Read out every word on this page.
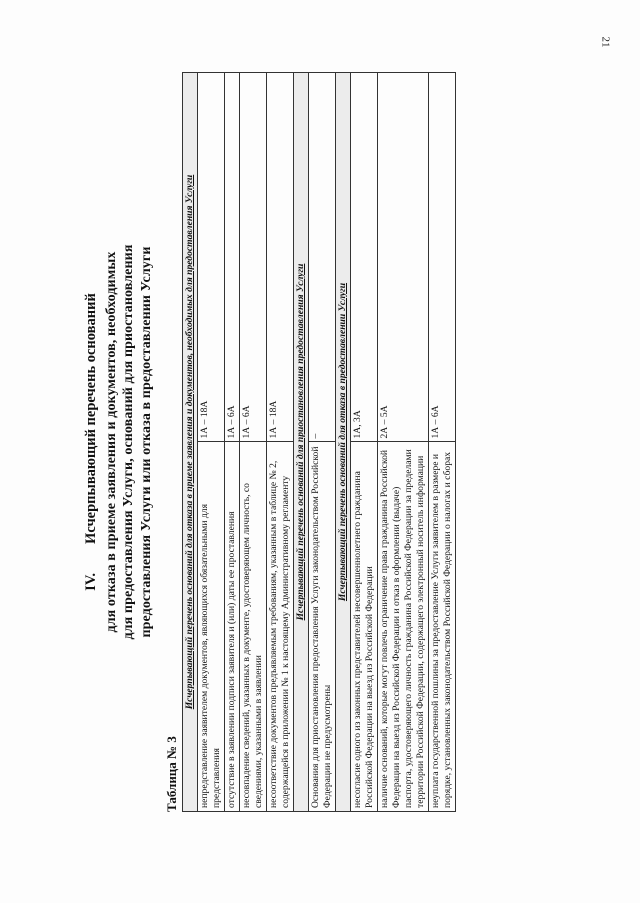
21
IV.  Исчерпывающий перечень оснований для отказа в приеме заявления и документов, необходимых для предоставления Услуги, оснований для приостановления предоставления Услуги или отказа в предоставлении Услуги
Таблица № 3
Исчерпывающий перечень оснований для отказа в приеме заявления и документов, необходимых для предоставления Услуги	
непредставление заявителем документов, являющихся обязательными для представления	1А – 18А
отсутствие в заявлении подписи заявителя и (или) даты ее проставления	1А – 6А
несовпадение сведений, указанных в документе, удостоверяющем личность, со сведениями, указанными в заявлении	1А – 6А
несоответствие документов предъявляемым требованиям, указанным в таблице № 2, содержащейся в приложении № 1 к настоящему Административному регламенту	1А – 18А
Исчерпывающий перечень оснований для приостановления предоставления Услуги	
Основания для приостановления предоставления Услуги законодательством Российской Федерации не предусмотрены	–
Исчерпывающий перечень оснований для отказа в предоставлении Услуги	
несогласие одного из законных представителей несовершеннолетнего гражданина Российской Федерации на выезд из Российской Федерации	1А, 3А
наличие оснований, которые могут повлечь ограничение права гражданина Российской Федерации на выезд из Российской Федерации и отказ в оформлении (выдаче) паспорта, удостоверяющего личность гражданина Российской Федерации за пределами территории Российской Федерации, содержащего электронный носитель информации	2А – 5А
неуплата государственной пошлины за предоставление Услуги заявителем в размере и порядке, установленных законодательством Российской Федерации о налогах и сборах	1А – 6А
